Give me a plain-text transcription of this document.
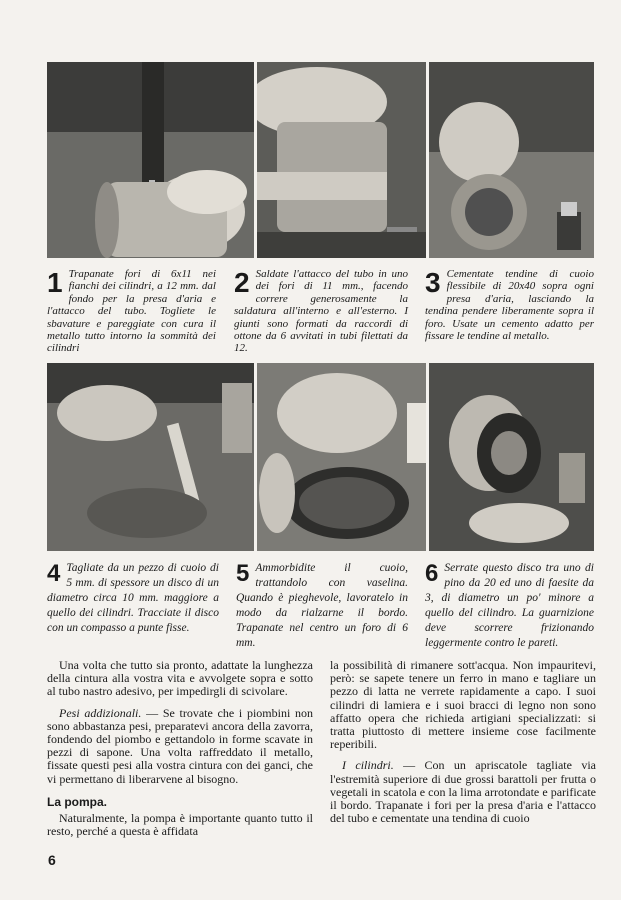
1 Trapanate fori di 6x11 nei fianchi dei cilindri, a 12 mm. dal fondo per la presa d'aria e l'attacco del tubo. Togliete le sbavature e pareggiate con cura il metallo tutto intorno la sommità dei cilindri
2 Saldate l'attacco del tubo in uno dei fori di 11 mm., facendo correre generosamente la saldatura all'interno e all'esterno. I giunti sono formati da raccordi di ottone da 6 avvitati in tubi filettati da 12.
3 Cementate tendine di cuoio flessibile di 20x40 sopra ogni presa d'aria, lasciando la tendina pendere liberamente sopra il foro. Usate un cemento adatto per fissare le tendine al metallo.
4 Tagliate da un pezzo di cuoio di 5 mm. di spessore un disco di un diametro circa 10 mm. maggiore a quello dei cilindri. Tracciate il disco con un compasso a punte fisse.
5 Ammorbidite il cuoio, trattandolo con vaselina. Quando è pieghevole, lavoratelo in modo da rialzarne il bordo. Trapanate nel centro un foro di 6 mm.
6 Serrate questo disco tra uno di pino da 20 ed uno di faesite da 3, di diametro un po' minore a quello del cilindro. La guarnizione deve scorrere frizionando leggermente contro le pareti.

Una volta che tutto sia pronto, adattate la lunghezza della cintura alla vostra vita e avvolgete sopra e sotto al tubo nastro adesivo, per impedirgli di scivolare.

Pesi addizionali. — Se trovate che i piombini non sono abbastanza pesi, preparatevi ancora della zavorra, fondendo del piombo e gettandolo in forme scavate in pezzi di sapone. Una volta raffreddato il metallo, fissate questi pesi alla vostra cintura con dei ganci, che vi permettano di liberarvene al bisogno.

La pompa.

Naturalmente, la pompa è importante quanto tutto il resto, perché a questa è affidata

la possibilità di rimanere sott'acqua. Non impauritevi, però: se sapete tenere un ferro in mano e tagliare un pezzo di latta ne verrete rapidamente a capo. I suoi cilindri di lamiera e i suoi bracci di legno non sono affatto opera che richieda artigiani specializzati: si tratta piuttosto di mettere insieme cose facilmente reperibili.

I cilindri. — Con un apriscatole tagliate via l'estremità superiore di due grossi barattoli per frutta o vegetali in scatola e con la lima arrotondate e parificate il bordo. Trapanate i fori per la presa d'aria e l'attacco del tubo e cementate una tendina di cuoio

6
